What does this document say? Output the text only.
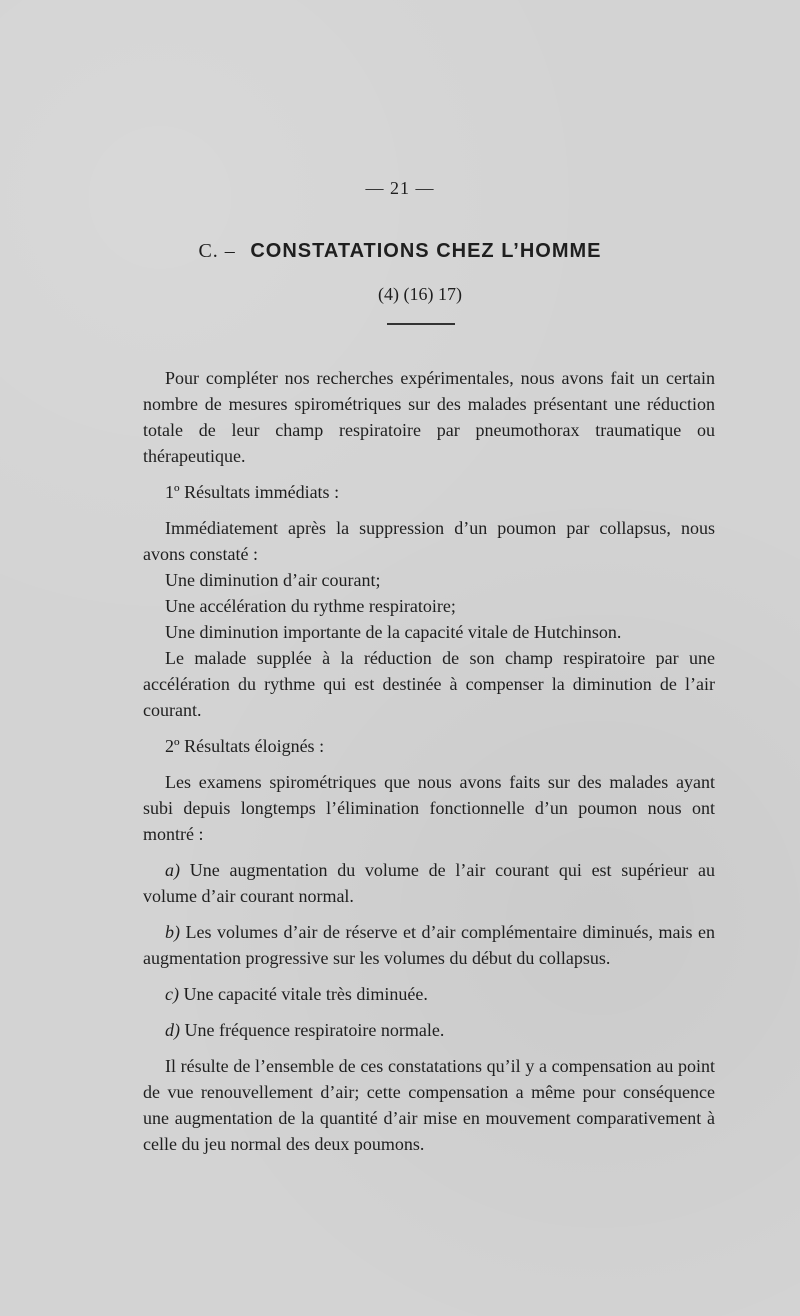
— 21 —
C. – CONSTATATIONS CHEZ L’HOMME
(4) (16) 17)

Pour compléter nos recherches expérimentales, nous avons fait un certain nombre de mesures spirométriques sur des malades présentant une réduction totale de leur champ respiratoire par pneumothorax traumatique ou thérapeutique.

1º Résultats immédiats :

Immédiatement après la suppression d’un poumon par collapsus, nous avons constaté :

Une diminution d’air courant;

Une accélération du rythme respiratoire;

Une diminution importante de la capacité vitale de Hutchinson.

Le malade supplée à la réduction de son champ respiratoire par une accélération du rythme qui est destinée à compenser la diminution de l’air courant.

2º Résultats éloignés :

Les examens spirométriques que nous avons faits sur des malades ayant subi depuis longtemps l’élimination fonctionnelle d’un poumon nous ont montré :

a) Une augmentation du volume de l’air courant qui est supérieur au volume d’air courant normal.

b) Les volumes d’air de réserve et d’air complémentaire diminués, mais en augmentation progressive sur les volumes du début du collapsus.

c) Une capacité vitale très diminuée.

d) Une fréquence respiratoire normale.

Il résulte de l’ensemble de ces constatations qu’il y a compensation au point de vue renouvellement d’air; cette compensation a même pour conséquence une augmentation de la quantité d’air mise en mouvement comparativement à celle du jeu normal des deux poumons.
